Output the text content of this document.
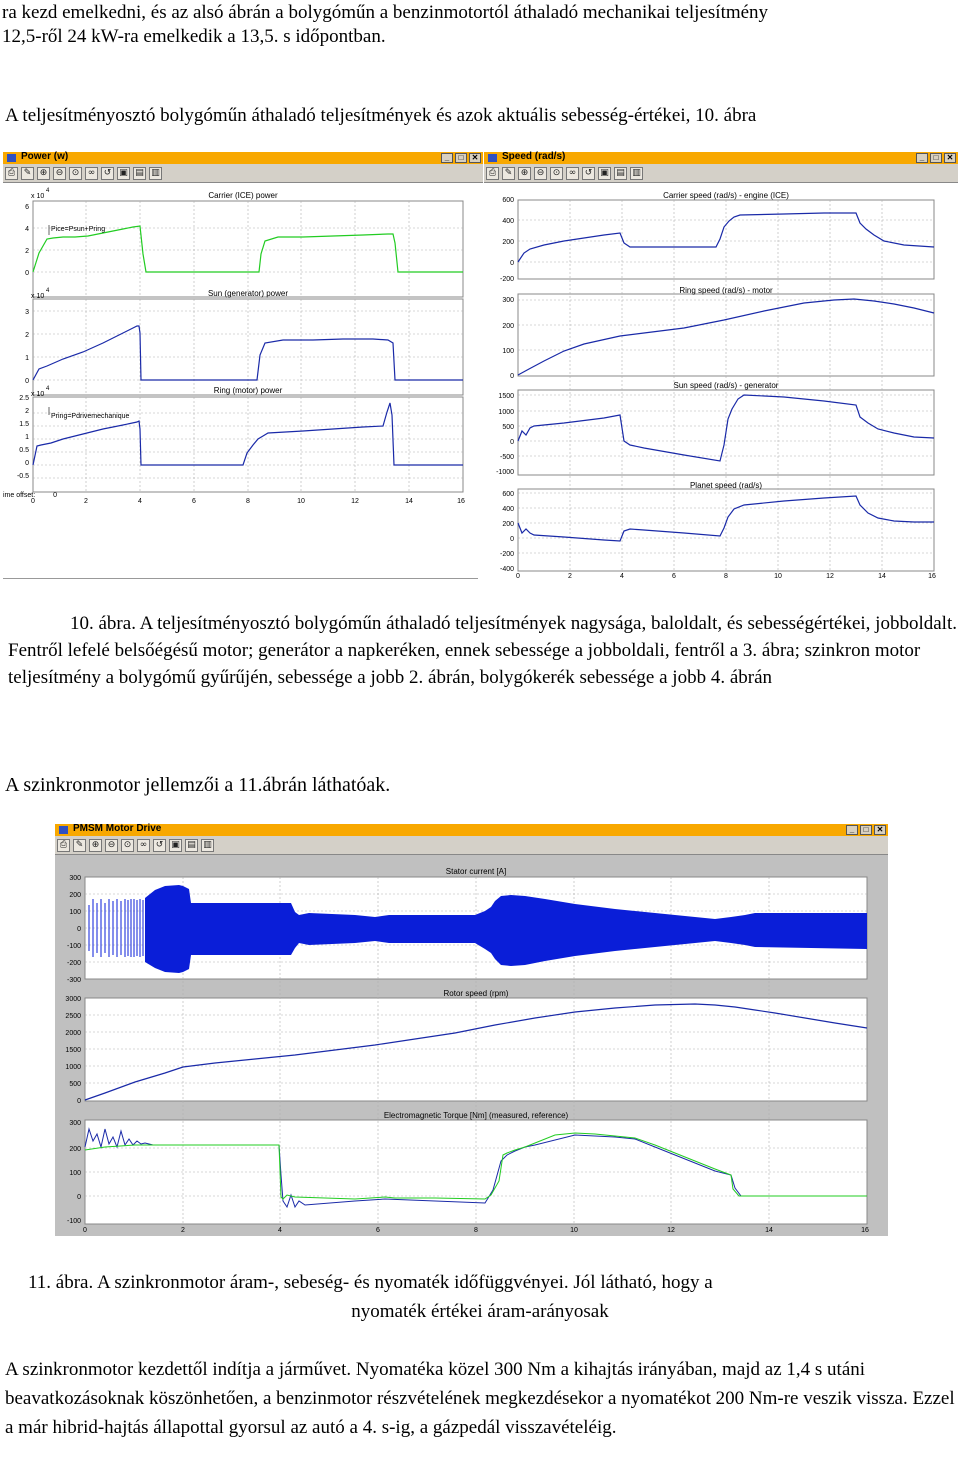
ra kezd emelkedni, és az alsó ábrán a bolygóműn a benzinmotortól áthaladó mechanikai teljesítmény
12,5-ről 24 kW-ra emelkedik a 13,5. s időpontban.
A teljesítményosztó bolygóműn áthaladó teljesítmények és azok aktuális sebesség-értékei, 10. ábra
Power (w)	_	□	✕
⎙ ✎ ⊕ ⊖ ⊙ ∞ ↺ ▣ ▤ ▥
Carrier (ICE) power
x 10
4
6
4
2
0
Pice=Psun+Pring
Sun (generator) power
x 10
4
3
2
1
0
Ring (motor) power
x 10
4
2.5
2
1.5
1
0.5
0
-0.5
Pring=Pdrivemechanique
0	2	4	6	8	10	12	14	16
ime offset:	0
Speed (rad/s)	_	□	✕
⎙ ✎ ⊕ ⊖ ⊙ ∞ ↺ ▣ ▤ ▥
Carrier speed (rad/s) - engine (ICE)
600
400
200
0
-200
Ring speed (rad/s) - motor
300
200
100
0
Sun speed (rad/s) - generator
1500
1000
500
0
-500
-1000
Planet speed (rad/s)
600
400
200
0
-200
-400
0	2	4	6	8	10	12	14	16
10. ábra. A teljesítményosztó bolygóműn áthaladó teljesítmények nagysága, baloldalt, és sebességértékei, jobboldalt. Fentről lefelé belsőégésű motor; generátor a napkeréken, ennek sebessége a jobboldali, fentről a 3. ábra; szinkron motor teljesítmény a bolygómű gyűrűjén, sebessége a jobb 2. ábrán, bolygókerék sebessége a jobb 4. ábrán
A szinkronmotor jellemzői a 11.ábrán láthatóak.
PMSM Motor Drive	_	□	✕
⎙ ✎ ⊕ ⊖ ⊙ ∞ ↺ ▣ ▤ ▥
Stator current [A]
300
200
100
0
-100
-200
-300
Rotor speed (rpm)
3000
2500
2000
1500
1000
500
0
Electromagnetic Torque [Nm] (measured, reference)
300
200
100
0
-100
0	2	4	6	8	10	12	14	16
11. ábra. A szinkronmotor áram-, sebeség- és nyomaték időfüggvényei. Jól látható, hogy a
nyomaték értékei áram-arányosak
A szinkronmotor kezdettől indítja a járművet. Nyomatéka közel 300 Nm a kihajtás irányában, majd az 1,4 s utáni beavatkozásoknak köszönhetően, a benzinmotor részvételének megkezdésekor a nyomatékot 200 Nm-re veszik vissza. Ezzel a már hibrid-hajtás állapottal gyorsul az autó a 4. s-ig, a gázpedál visszavételéig.
